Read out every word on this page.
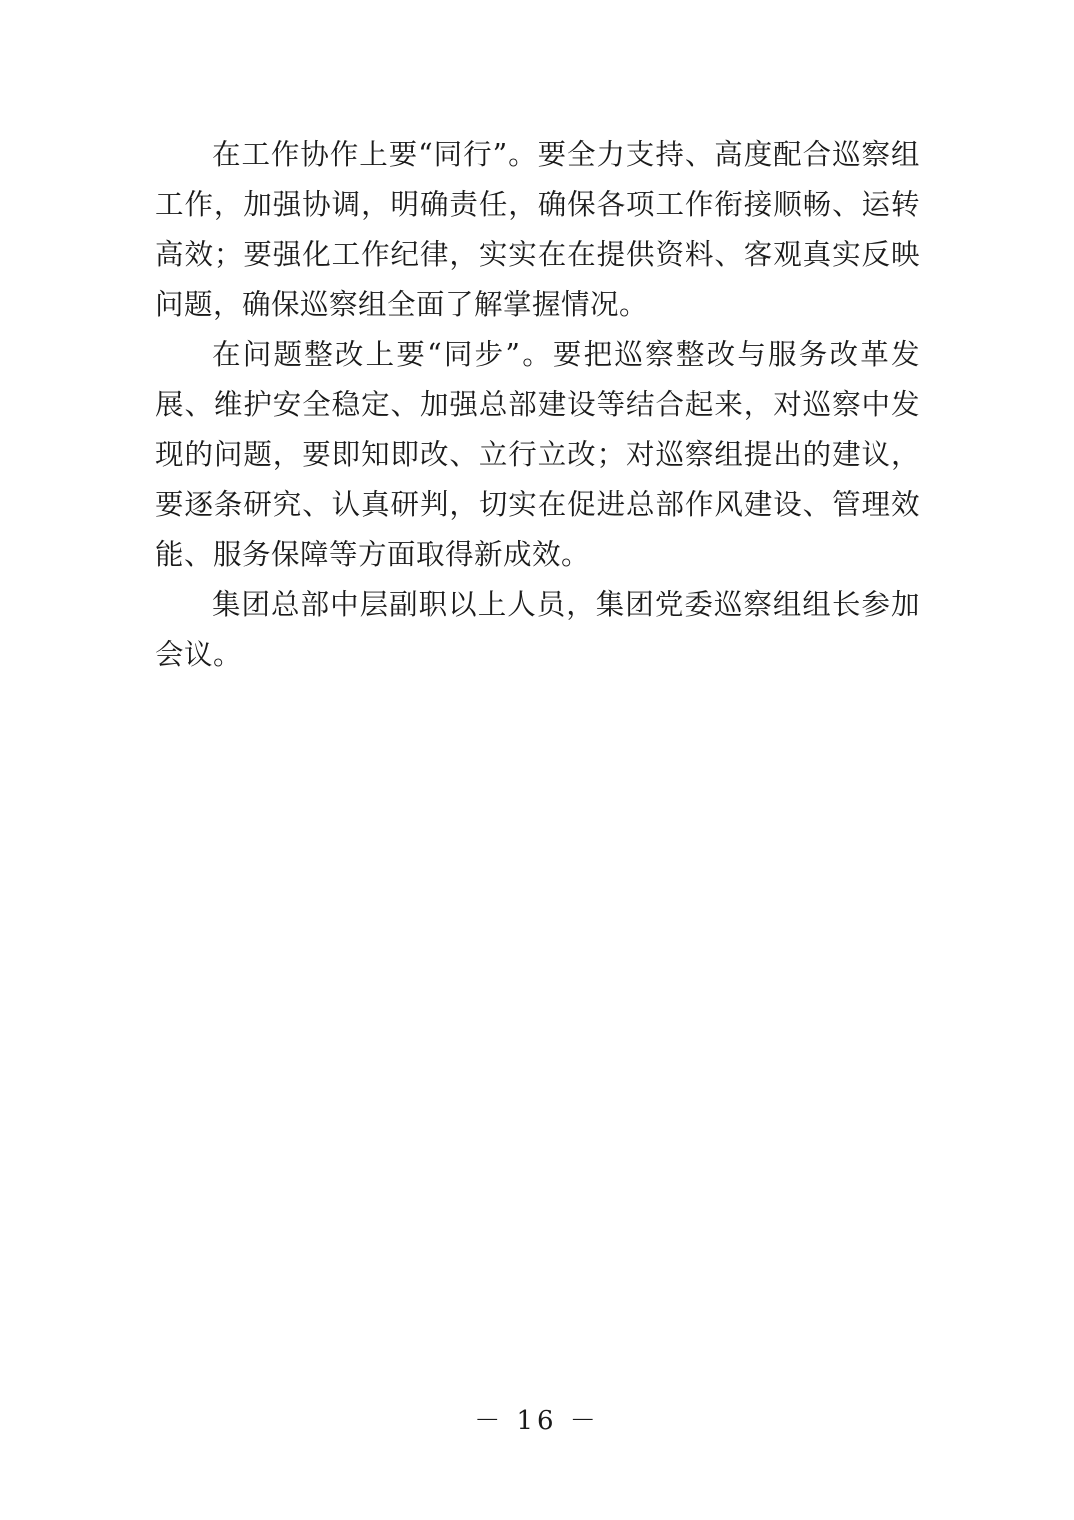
在工作协作上要“同行”。要全力支持、高度配合巡察组工作，加强协调，明确责任，确保各项工作衔接顺畅、运转高效；要强化工作纪律，实实在在提供资料、客观真实反映问题，确保巡察组全面了解掌握情况。

在问题整改上要“同步”。要把巡察整改与服务改革发展、维护安全稳定、加强总部建设等结合起来，对巡察中发现的问题，要即知即改、立行立改；对巡察组提出的建议，要逐条研究、认真研判，切实在促进总部作风建设、管理效能、服务保障等方面取得新成效。

集团总部中层副职以上人员，集团党委巡察组组长参加会议。

－ 16 －
